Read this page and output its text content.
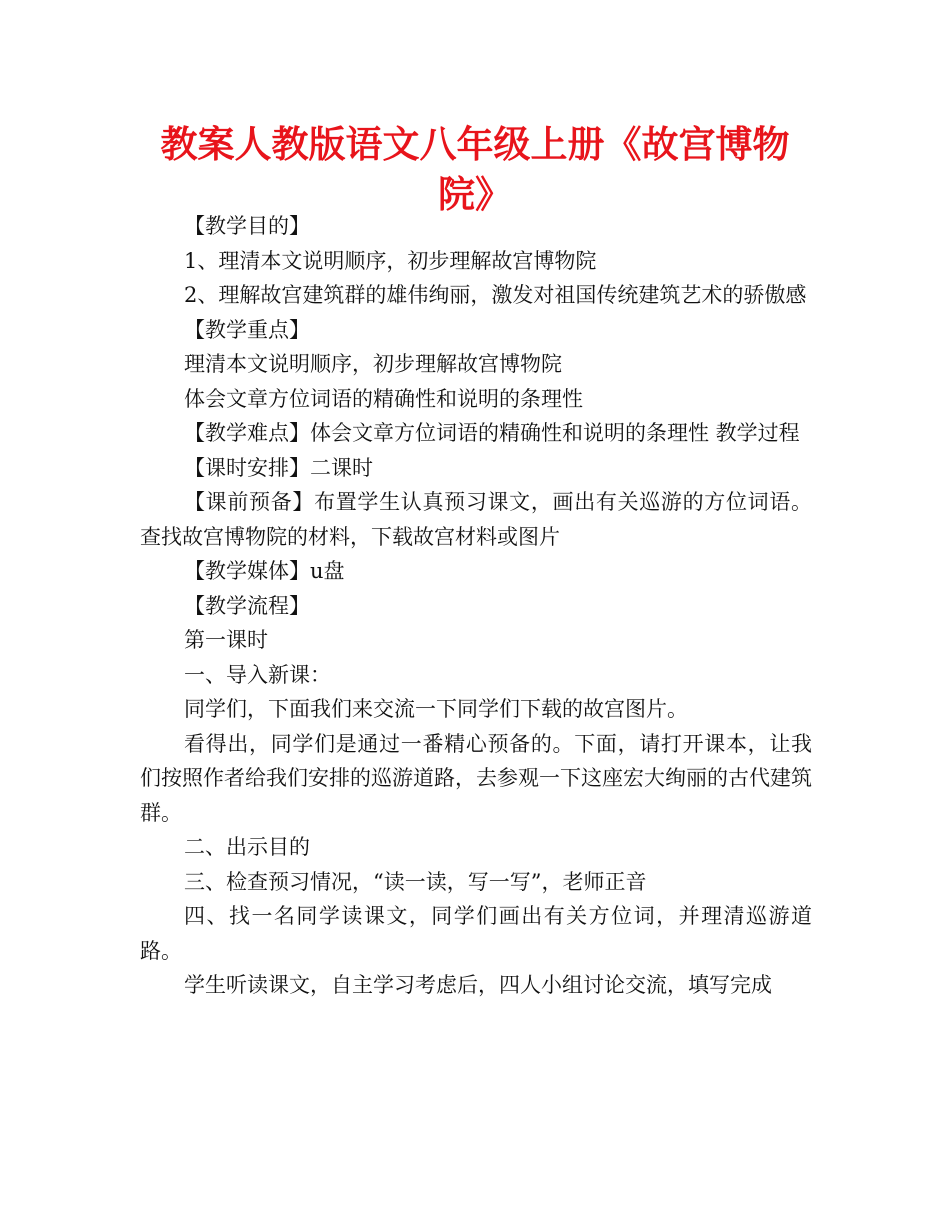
教案人教版语文八年级上册《故宫博物院》

【教学目的】

1、理清本文说明顺序，初步理解故宫博物院

2、理解故宫建筑群的雄伟绚丽，激发对祖国传统建筑艺术的骄傲感

【教学重点】

理清本文说明顺序，初步理解故宫博物院

体会文章方位词语的精确性和说明的条理性

【教学难点】体会文章方位词语的精确性和说明的条理性 教学过程

【课时安排】二课时

【课前预备】布置学生认真预习课文，画出有关巡游的方位词语。查找故宫博物院的材料，下载故宫材料或图片

【教学媒体】u盘

【教学流程】

第一课时

一、导入新课：

同学们，下面我们来交流一下同学们下载的故宫图片。

看得出，同学们是通过一番精心预备的。下面，请打开课本，让我们按照作者给我们安排的巡游道路，去参观一下这座宏大绚丽的古代建筑群。

二、出示目的

三、检查预习情况，“读一读，写一写”，老师正音

四、找一名同学读课文，同学们画出有关方位词，并理清巡游道路。

学生听读课文，自主学习考虑后，四人小组讨论交流，填写完成
